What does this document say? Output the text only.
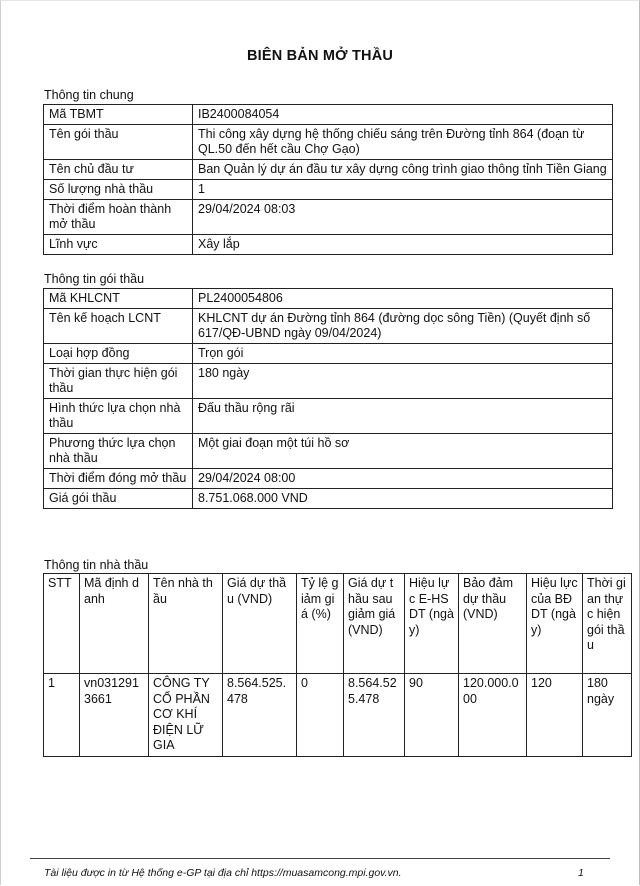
BIÊN BẢN MỞ THẦU
Thông tin chung
Mã TBMT	IB2400084054
Tên gói thầu	Thi công xây dựng hệ thống chiếu sáng trên Đường tỉnh 864 (đoạn từ QL.50 đến hết cầu Chợ Gạo)
Tên chủ đầu tư	Ban Quản lý dự án đầu tư xây dựng công trình giao thông tỉnh Tiền Giang
Số lượng nhà thầu	1
Thời điểm hoàn thành mở thầu	29/04/2024 08:03
Lĩnh vực	Xây lắp
Thông tin gói thầu
Mã KHLCNT	PL2400054806
Tên kế hoạch LCNT	KHLCNT dự án Đường tỉnh 864 (đường dọc sông Tiền) (Quyết định số 617/QĐ-UBND ngày 09/04/2024)
Loại hợp đồng	Trọn gói
Thời gian thực hiện gói thầu	180 ngày
Hình thức lựa chọn nhà thầu	Đấu thầu rộng rãi
Phương thức lựa chọn nhà thầu	Một giai đoạn một túi hồ sơ
Thời điểm đóng mở thầu	29/04/2024 08:00
Giá gói thầu	8.751.068.000 VND
Thông tin nhà thầu
STT	Mã định danh	Tên nhà thầu	Giá dự thầu (VND)	Tỷ lệ giảm giá (%)	Giá dự thầu sau giảm giá (VND)	Hiệu lực E-HSDT (ngày)	Bảo đảm dự thầu (VND)	Hiệu lực của BĐ DT (ngày)	Thời gian thực hiện gói thầu
1	vn0312913661	CÔNG TY CỔ PHẦN CƠ KHÍ ĐIỆN LỮ GIA	8.564.525.478	0	8.564.525.478	90	120.000.000	120	180 ngày
Tài liệu được in từ Hệ thống e-GP tại địa chỉ https://muasamcong.mpi.gov.vn.	1
